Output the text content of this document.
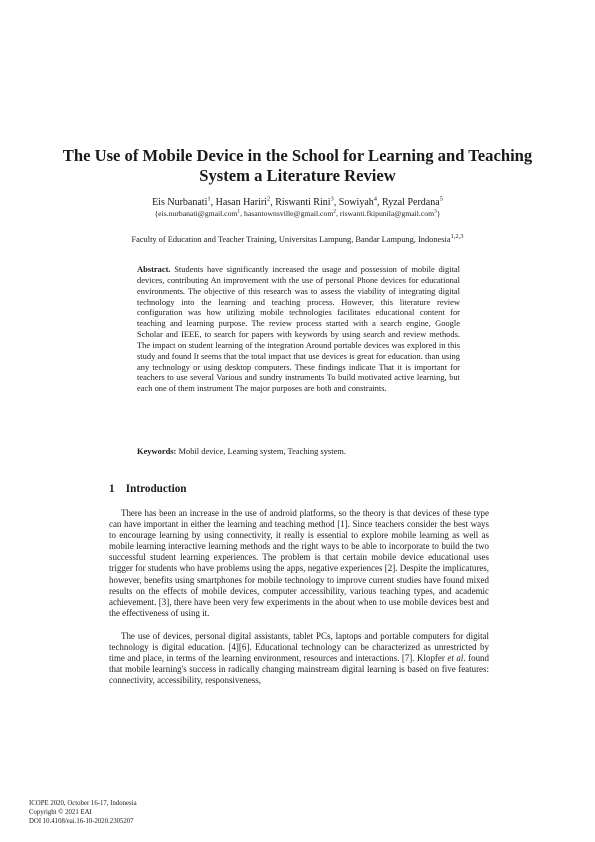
The Use of Mobile Device in the School for Learning and Teaching System a Literature Review
Eis Nurbanati$^1$, Hasan Hariri$^2$, Riswanti Rini$^3$, Sowiyah$^4$, Ryzal Perdana$^5$
{eis.nurbanati@gmail.com$^1$, hasantownsville@gmail.com$^2$, riswanti.fkipunila@gmail.com$^3$}
Faculty of Education and Teacher Training, Universitas Lampung, Bandar Lampung, Indonesia$^{1,2,3}$

Abstract. Students have significantly increased the usage and possession of mobile digital devices, contributing An improvement with the use of personal Phone devices for educational environments. The objective of this research was to assess the viability of integrating digital technology into the learning and teaching process. However, this literature review configuration was how utilizing mobile technologies facilitates educational content for teaching and learning purpose. The review process started with a search engine, Google Scholar and IEEE, to search for papers with keywords by using search and review methods. The impact on student learning of the integration Around portable devices was explored in this study and found It seems that the total impact that use devices is great for education. than using any technology or using desktop computers. These findings indicate That it is important for teachers to use several Various and sundry instruments To build motivated active learning, but each one of them instrument The major purposes are both and constraints.

Keywords: Mobil device, Learning system, Teaching system.

1 Introduction

There has been an increase in the use of android platforms, so the theory is that devices of these type can have important in either the learning and teaching method [1]. Since teachers consider the best ways to encourage learning by using connectivity, it really is essential to explore mobile learning as well as mobile learning interactive learning methods and the right ways to be able to incorporate to build the two successful student learning experiences. The problem is that certain mobile device educational uses trigger for students who have problems using the apps, negative experiences [2]. Despite the implicatures, however, benefits using smartphones for mobile technology to improve current studies have found mixed results on the effects of mobile devices, computer accessibility, various teaching types, and academic achievement. [3], there have been very few experiments in the about when to use mobile devices best and the effectiveness of using it.

The use of devices, personal digital assistants, tablet PCs, laptops and portable computers for digital technology is digital education. [4][6]. Educational technology can be characterized as unrestricted by time and place, in terms of the learning environment, resources and interactions. [7]. Klopfer et al. found that mobile learning's success in radically changing mainstream digital learning is based on five features: connectivity, accessibility, responsiveness,

ICOPE 2020, October 16-17, Indonesia
Copyright © 2021 EAI
DOI 10.4108/eai.16-10-2020.2305207
